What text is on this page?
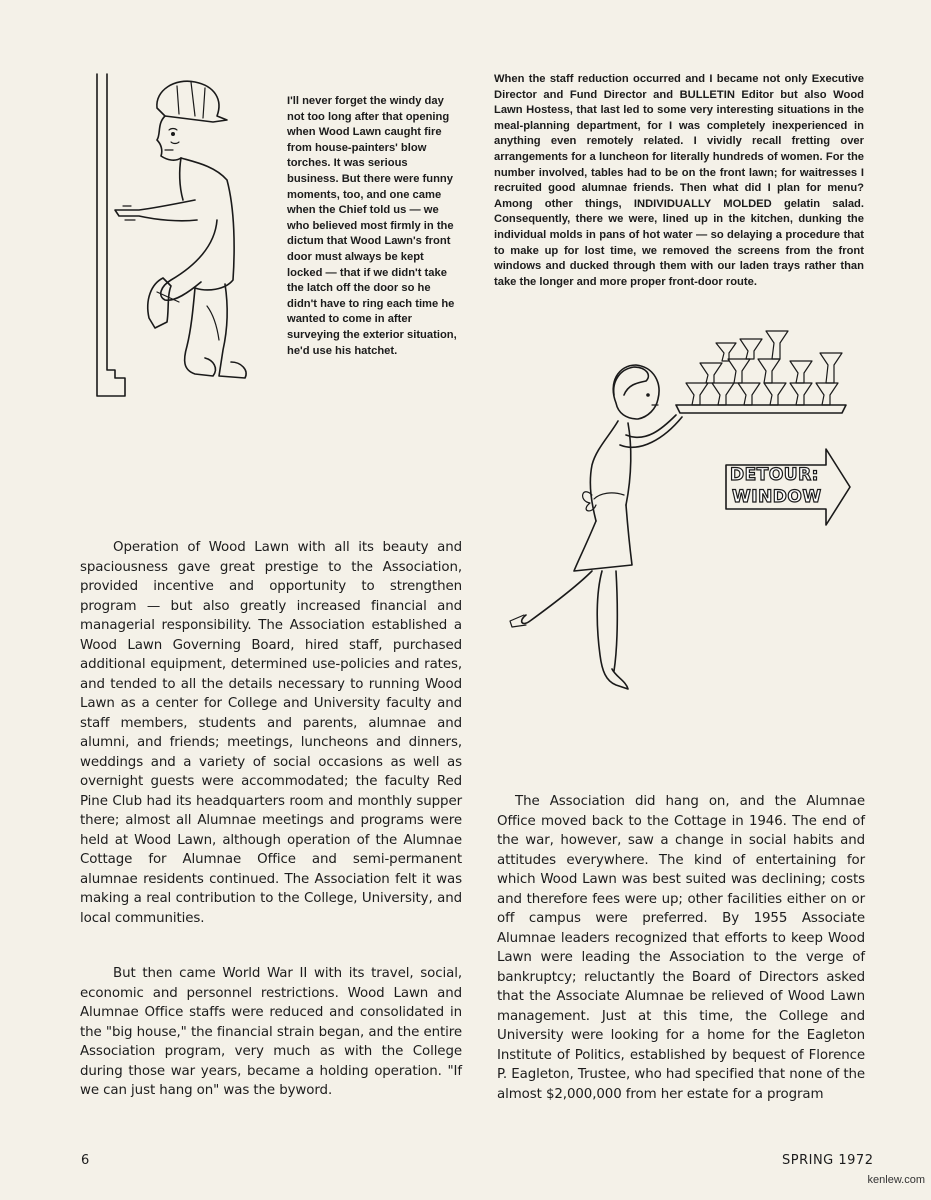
I'll never forget the windy day not too long after that opening when Wood Lawn caught fire from house-painters' blow torches. It was serious business. But there were funny moments, too, and one came when the Chief told us — we who believed most firmly in the dictum that Wood Lawn's front door must always be kept locked — that if we didn't take the latch off the door so he didn't have to ring each time he wanted to come in after surveying the exterior situation, he'd use his hatchet.

When the staff reduction occurred and I became not only Executive Director and Fund Director and BULLETIN Editor but also Wood Lawn Hostess, that last led to some very interesting situations in the meal-planning department, for I was completely inexperienced in anything even remotely related. I vividly recall fretting over arrangements for a luncheon for literally hundreds of women. For the number involved, tables had to be on the front lawn; for waitresses I recruited good alumnae friends. Then what did I plan for menu? Among other things, INDIVIDUALLY MOLDED gelatin salad. Consequently, there we were, lined up in the kitchen, dunking the individual molds in pans of hot water — so delaying a procedure that to make up for lost time, we removed the screens from the front windows and ducked through them with our laden trays rather than take the longer and more proper front-door route.

DETOUR:
WINDOW

Operation of Wood Lawn with all its beauty and spaciousness gave great prestige to the Association, provided incentive and opportunity to strengthen program — but also greatly increased financial and managerial responsibility. The Association established a Wood Lawn Governing Board, hired staff, purchased additional equipment, determined use-policies and rates, and tended to all the details necessary to running Wood Lawn as a center for College and University faculty and staff members, students and parents, alumnae and alumni, and friends; meetings, luncheons and dinners, weddings and a variety of social occasions as well as overnight guests were accommodated; the faculty Red Pine Club had its headquarters room and monthly supper there; almost all Alumnae meetings and programs were held at Wood Lawn, although operation of the Alumnae Cottage for Alumnae Office and semi-permanent alumnae residents continued. The Association felt it was making a real contribution to the College, University, and local communities.

But then came World War II with its travel, social, economic and personnel restrictions. Wood Lawn and Alumnae Office staffs were reduced and consolidated in the "big house," the financial strain began, and the entire Association program, very much as with the College during those war years, became a holding operation. "If we can just hang on" was the byword.

The Association did hang on, and the Alumnae Office moved back to the Cottage in 1946. The end of the war, however, saw a change in social habits and attitudes everywhere. The kind of entertaining for which Wood Lawn was best suited was declining; costs and therefore fees were up; other facilities either on or off campus were preferred. By 1955 Associate Alumnae leaders recognized that efforts to keep Wood Lawn were leading the Association to the verge of bankruptcy; reluctantly the Board of Directors asked that the Associate Alumnae be relieved of Wood Lawn management. Just at this time, the College and University were looking for a home for the Eagleton Institute of Politics, established by bequest of Florence P. Eagleton, Trustee, who had specified that none of the almost $2,000,000 from her estate for a program

6	SPRING 1972

kenlew.com
